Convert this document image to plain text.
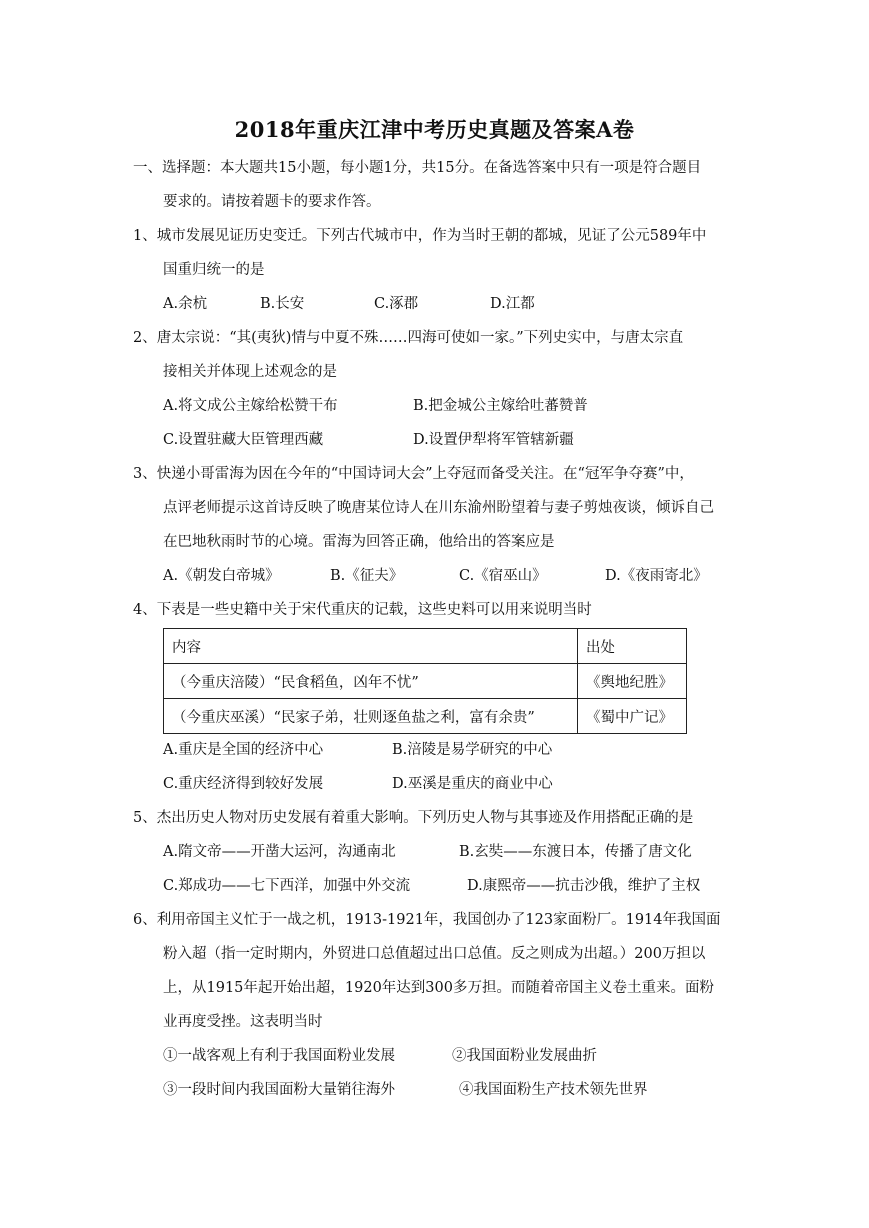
2018年重庆江津中考历史真题及答案A卷
一、选择题：本大题共15小题，每小题1分，共15分。在备选答案中只有一项是符合题目
要求的。请按着题卡的要求作答。
1、城市发展见证历史变迁。下列古代城市中，作为当时王朝的都城，见证了公元589年中
国重归统一的是
A.余杭	B.长安	C.涿郡	D.江都
2、唐太宗说：“其(夷狄)情与中夏不殊……四海可使如一家。”下列史实中，与唐太宗直
接相关并体现上述观念的是
A.将文成公主嫁给松赞干布	B.把金城公主嫁给吐蕃赞普
C.设置驻藏大臣管理西藏	D.设置伊犁将军管辖新疆
3、快递小哥雷海为因在今年的“中国诗词大会”上夺冠而备受关注。在“冠军争夺赛”中，
点评老师提示这首诗反映了晚唐某位诗人在川东渝州盼望着与妻子剪烛夜谈，倾诉自己
在巴地秋雨时节的心境。雷海为回答正确，他给出的答案应是
A.《朝发白帝城》	B.《征夫》	C.《宿巫山》	D.《夜雨寄北》
4、下表是一些史籍中关于宋代重庆的记载，这些史料可以用来说明当时
内容	出处
（今重庆涪陵）“民食稻鱼，凶年不忧”	《舆地纪胜》
（今重庆巫溪）“民家子弟，壮则逐鱼盐之利，富有余贵”	《蜀中广记》
A.重庆是全国的经济中心	B.涪陵是易学研究的中心
C.重庆经济得到较好发展	D.巫溪是重庆的商业中心
5、杰出历史人物对历史发展有着重大影响。下列历史人物与其事迹及作用搭配正确的是
A.隋文帝——开凿大运河，沟通南北	B.玄奘——东渡日本，传播了唐文化
C.郑成功——七下西洋，加强中外交流	D.康熙帝——抗击沙俄，维护了主权
6、利用帝国主义忙于一战之机，1913-1921年，我国创办了123家面粉厂。1914年我国面
粉入超（指一定时期内，外贸进口总值超过出口总值。反之则成为出超。）200万担以
上，从1915年起开始出超，1920年达到300多万担。而随着帝国主义卷土重来。面粉
业再度受挫。这表明当时
①一战客观上有利于我国面粉业发展	②我国面粉业发展曲折
③一段时间内我国面粉大量销往海外	④我国面粉生产技术领先世界
